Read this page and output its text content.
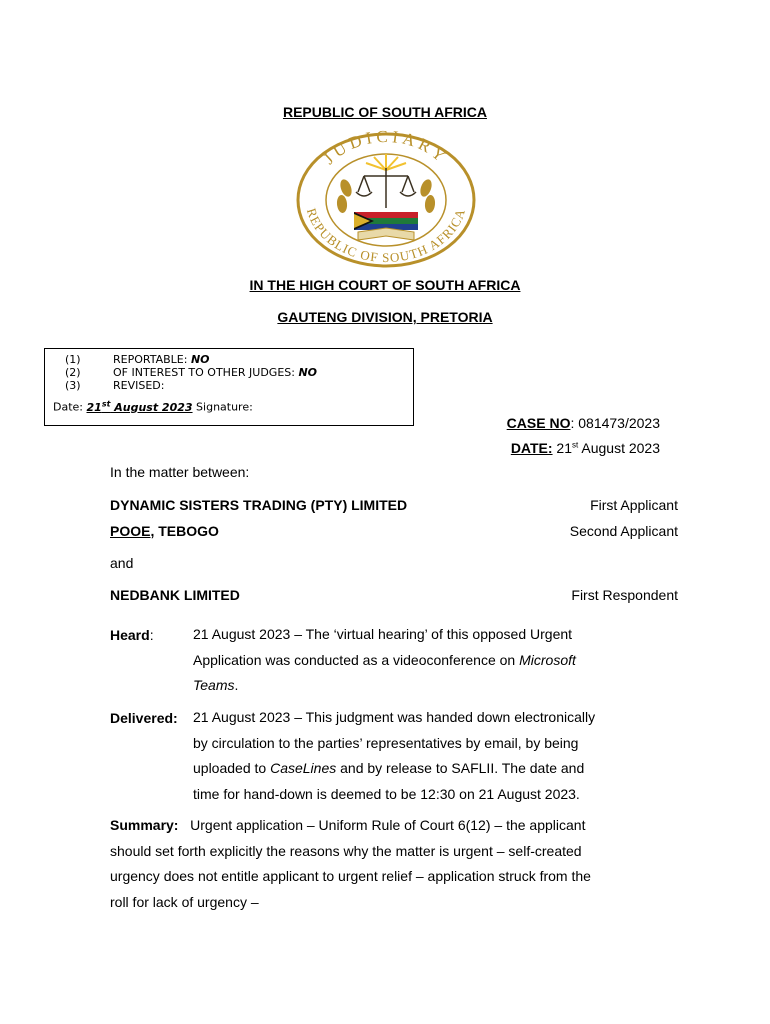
REPUBLIC OF SOUTH AFRICA
JUDICIARY
REPUBLIC OF SOUTH AFRICA
IN THE HIGH COURT OF SOUTH AFRICA
GAUTENG DIVISION, PRETORIA
(1)	REPORTABLE: NO
(2)	OF INTEREST TO OTHER JUDGES: NO
(3)	REVISED:
Date: 21st August 2023 Signature:
CASE NO: 081473/2023
DATE: 21st August 2023
In the matter between:
DYNAMIC SISTERS TRADING (PTY) LIMITED	First Applicant
POOE, TEBOGO	Second Applicant
and
NEDBANK LIMITED	First Respondent
Heard:	21 August 2023 – The ‘virtual hearing’ of this opposed Urgent
Application was conducted as a videoconference on Microsoft
Teams.
Delivered: 21 August 2023 – This judgment was handed down electronically
by circulation to the parties’ representatives by email, by being
uploaded to CaseLines and by release to SAFLII. The date and
time for hand-down is deemed to be 12:30 on 21 August 2023.
Summary: Urgent application – Uniform Rule of Court 6(12) – the applicant
should set forth explicitly the reasons why the matter is urgent – self-created
urgency does not entitle applicant to urgent relief – application struck from the
roll for lack of urgency –
